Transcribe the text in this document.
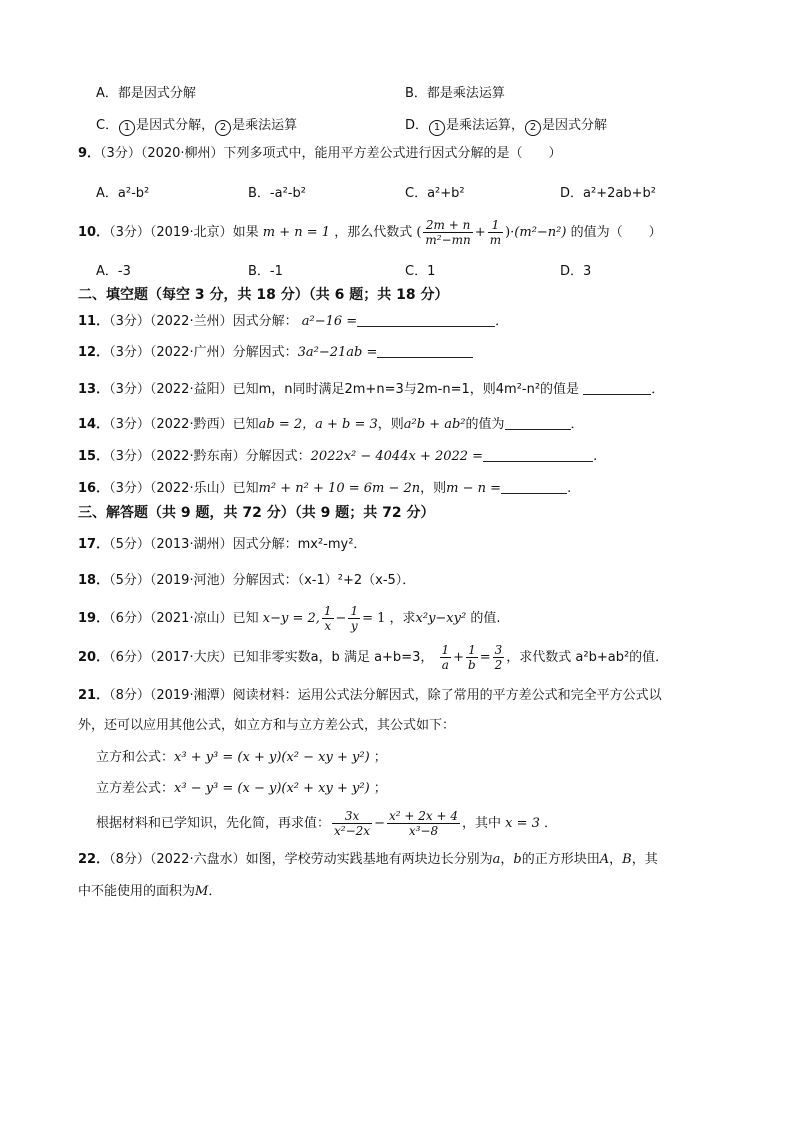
A．都是因式分解	B．都是乘法运算
C． 1 是因式分解， 2 是乘法运算	D． 1 是乘法运算， 2 是因式分解
9．（3分）（2020·柳州）下列多项式中，能用平方差公式进行因式分解的是（　　）
A．a²-b²	B．-a²-b²	C．a²+b²	D．a²+2ab+b²
10．（3分）（2019·北京）如果 m + n = 1 ，那么代数式 ( $\frac{2m + n}{\text{m²−mn}} + \frac{1}{m} )\cdot(m^2-n^2)$ 的值为（　　）
A．-3	B．-1	C．1	D．3
二、填空题（每空 3 分，共 18 分）（共 6 题；共 18 分）
11．（3分）（2022·兰州）因式分解： a²−16 =	．
12．（3分）（2022·广州）分解因式：3a²−21ab =
13．（3分）（2022·益阳）已知m，n同时满足2m+n=3与2m-n=1，则4m²-n²的值是	．
14．（3分）（2022·黔西）已知ab = 2，a + b = 3，则a²b + ab²的值为	．
15．（3分）（2022·黔东南）分解因式：2022x² − 4044x + 2022 =	.
16．（3分）（2022·乐山）已知m² + n² + 10 = 6m − 2n，则m − n =	.
三、解答题（共 9 题，共 72 分）（共 9 题；共 72 分）
17．（5分）（2013·湖州）因式分解：mx²-my²．
18．（5分）（2019·河池）分解因式：（x-1）²+2（x-5）．
19．（6分）（2021·凉山）已知 x−y = 2, $\frac{1}{x} - \frac{1}{y} = 1$ ，求x²y−xy² 的值.
20．（6分）（2017·大庆）已知非零实数a，b 满足 a+b=3， $\frac{1}{a} + \frac{1}{b} = \frac{3}{2}$ ，求代数式 a²b+ab²的值．
21．（8分）（2019·湘潭）阅读材料：运用公式法分解因式，除了常用的平方差公式和完全平方公式以
外，还可以应用其他公式，如立方和与立方差公式，其公式如下：
立方和公式：x³ + y³ = (x + y)(x² − xy + y²) ；
立方差公式：x³ − y³ = (x − y)(x² + xy + y²) ；
根据材料和已学知识，先化简，再求值： $\frac{3x}{\text{x²−2x}} - \frac{\text{x² + 2x + 4}}{\text{x³−8}}$ ，其中 x = 3 ．
22．（8分）（2022·六盘水）如图，学校劳动实践基地有两块边长分别为a，b的正方形块田A，B，其
中不能使用的面积为M．
